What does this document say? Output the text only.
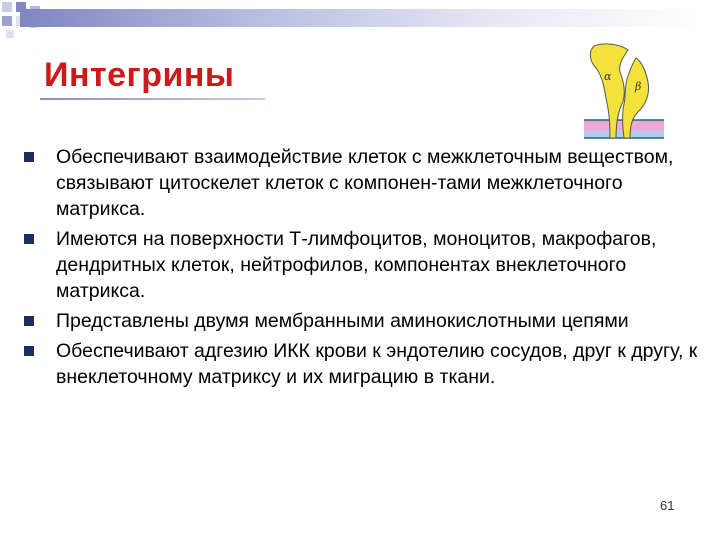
Интегрины	α
β
Обеспечивают взаимодействие клеток с межклеточным веществом, связывают цитоскелет клеток с компонен-тами межклеточного матрикса.
Имеются на поверхности Т-лимфоцитов, моноцитов, макрофагов, дендритных клеток, нейтрофилов, компонентах внеклеточного матрикса.
Представлены двумя мембранными аминокислотными цепями
Обеспечивают адгезию ИКК крови к эндотелию сосудов, друг к другу, к внеклеточному матриксу и их миграцию в ткани.
61
